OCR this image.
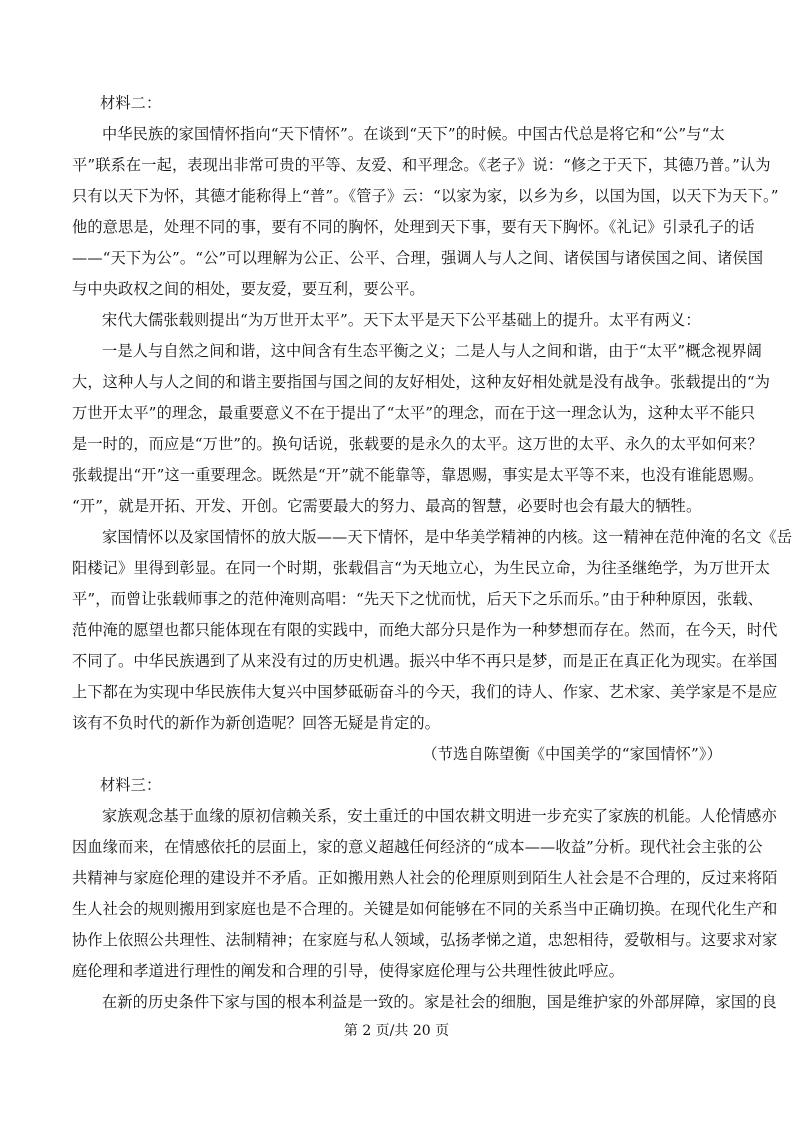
材料二：
中华民族的家国情怀指向“天下情怀”。在谈到“天下”的时候。中国古代总是将它和“公”与“太
平”联系在一起，表现出非常可贵的平等、友爱、和平理念。《老子》说：“修之于天下，其德乃普。”认为
只有以天下为怀，其德才能称得上“普”。《管子》云：“以家为家，以乡为乡，以国为国，以天下为天下。”
他的意思是，处理不同的事，要有不同的胸怀，处理到天下事，要有天下胸怀。《礼记》引录孔子的话
——“天下为公”。“公”可以理解为公正、公平、合理，强调人与人之间、诸侯国与诸侯国之间、诸侯国
与中央政权之间的相处，要友爱，要互利，要公平。
宋代大儒张载则提出“为万世开太平”。天下太平是天下公平基础上的提升。太平有两义：
一是人与自然之间和谐，这中间含有生态平衡之义；二是人与人之间和谐，由于“太平”概念视界阔
大，这种人与人之间的和谐主要指国与国之间的友好相处，这种友好相处就是没有战争。张载提出的“为
万世开太平”的理念，最重要意义不在于提出了“太平”的理念，而在于这一理念认为，这种太平不能只
是一时的，而应是“万世”的。换句话说，张载要的是永久的太平。这万世的太平、永久的太平如何来？
张载提出“开”这一重要理念。既然是“开”就不能靠等，靠恩赐，事实是太平等不来，也没有谁能恩赐。
“开”，就是开拓、开发、开创。它需要最大的努力、最高的智慧，必要时也会有最大的牺牲。
家国情怀以及家国情怀的放大版——天下情怀，是中华美学精神的内核。这一精神在范仲淹的名文《岳
阳楼记》里得到彰显。在同一个时期，张载倡言“为天地立心，为生民立命，为往圣继绝学，为万世开太
平”，而曾让张载师事之的范仲淹则高唱：“先天下之忧而忧，后天下之乐而乐。”由于种种原因，张载、
范仲淹的愿望也都只能体现在有限的实践中，而绝大部分只是作为一种梦想而存在。然而，在今天，时代
不同了。中华民族遇到了从来没有过的历史机遇。振兴中华不再只是梦，而是正在真正化为现实。在举国
上下都在为实现中华民族伟大复兴中国梦砥砺奋斗的今天，我们的诗人、作家、艺术家、美学家是不是应
该有不负时代的新作为新创造呢？回答无疑是肯定的。
（节选自陈望衡《中国美学的“家国情怀”》）
材料三：
家族观念基于血缘的原初信赖关系，安土重迁的中国农耕文明进一步充实了家族的机能。人伦情感亦
因血缘而来，在情感依托的层面上，家的意义超越任何经济的“成本——收益”分析。现代社会主张的公
共精神与家庭伦理的建设并不矛盾。正如搬用熟人社会的伦理原则到陌生人社会是不合理的，反过来将陌
生人社会的规则搬用到家庭也是不合理的。关键是如何能够在不同的关系当中正确切换。在现代化生产和
协作上依照公共理性、法制精神；在家庭与私人领域，弘扬孝悌之道，忠恕相待，爱敬相与。这要求对家
庭伦理和孝道进行理性的阐发和合理的引导，使得家庭伦理与公共理性彼此呼应。
在新的历史条件下家与国的根本利益是一致的。家是社会的细胞，国是维护家的外部屏障，家国的良
第 2 页/共 20 页
